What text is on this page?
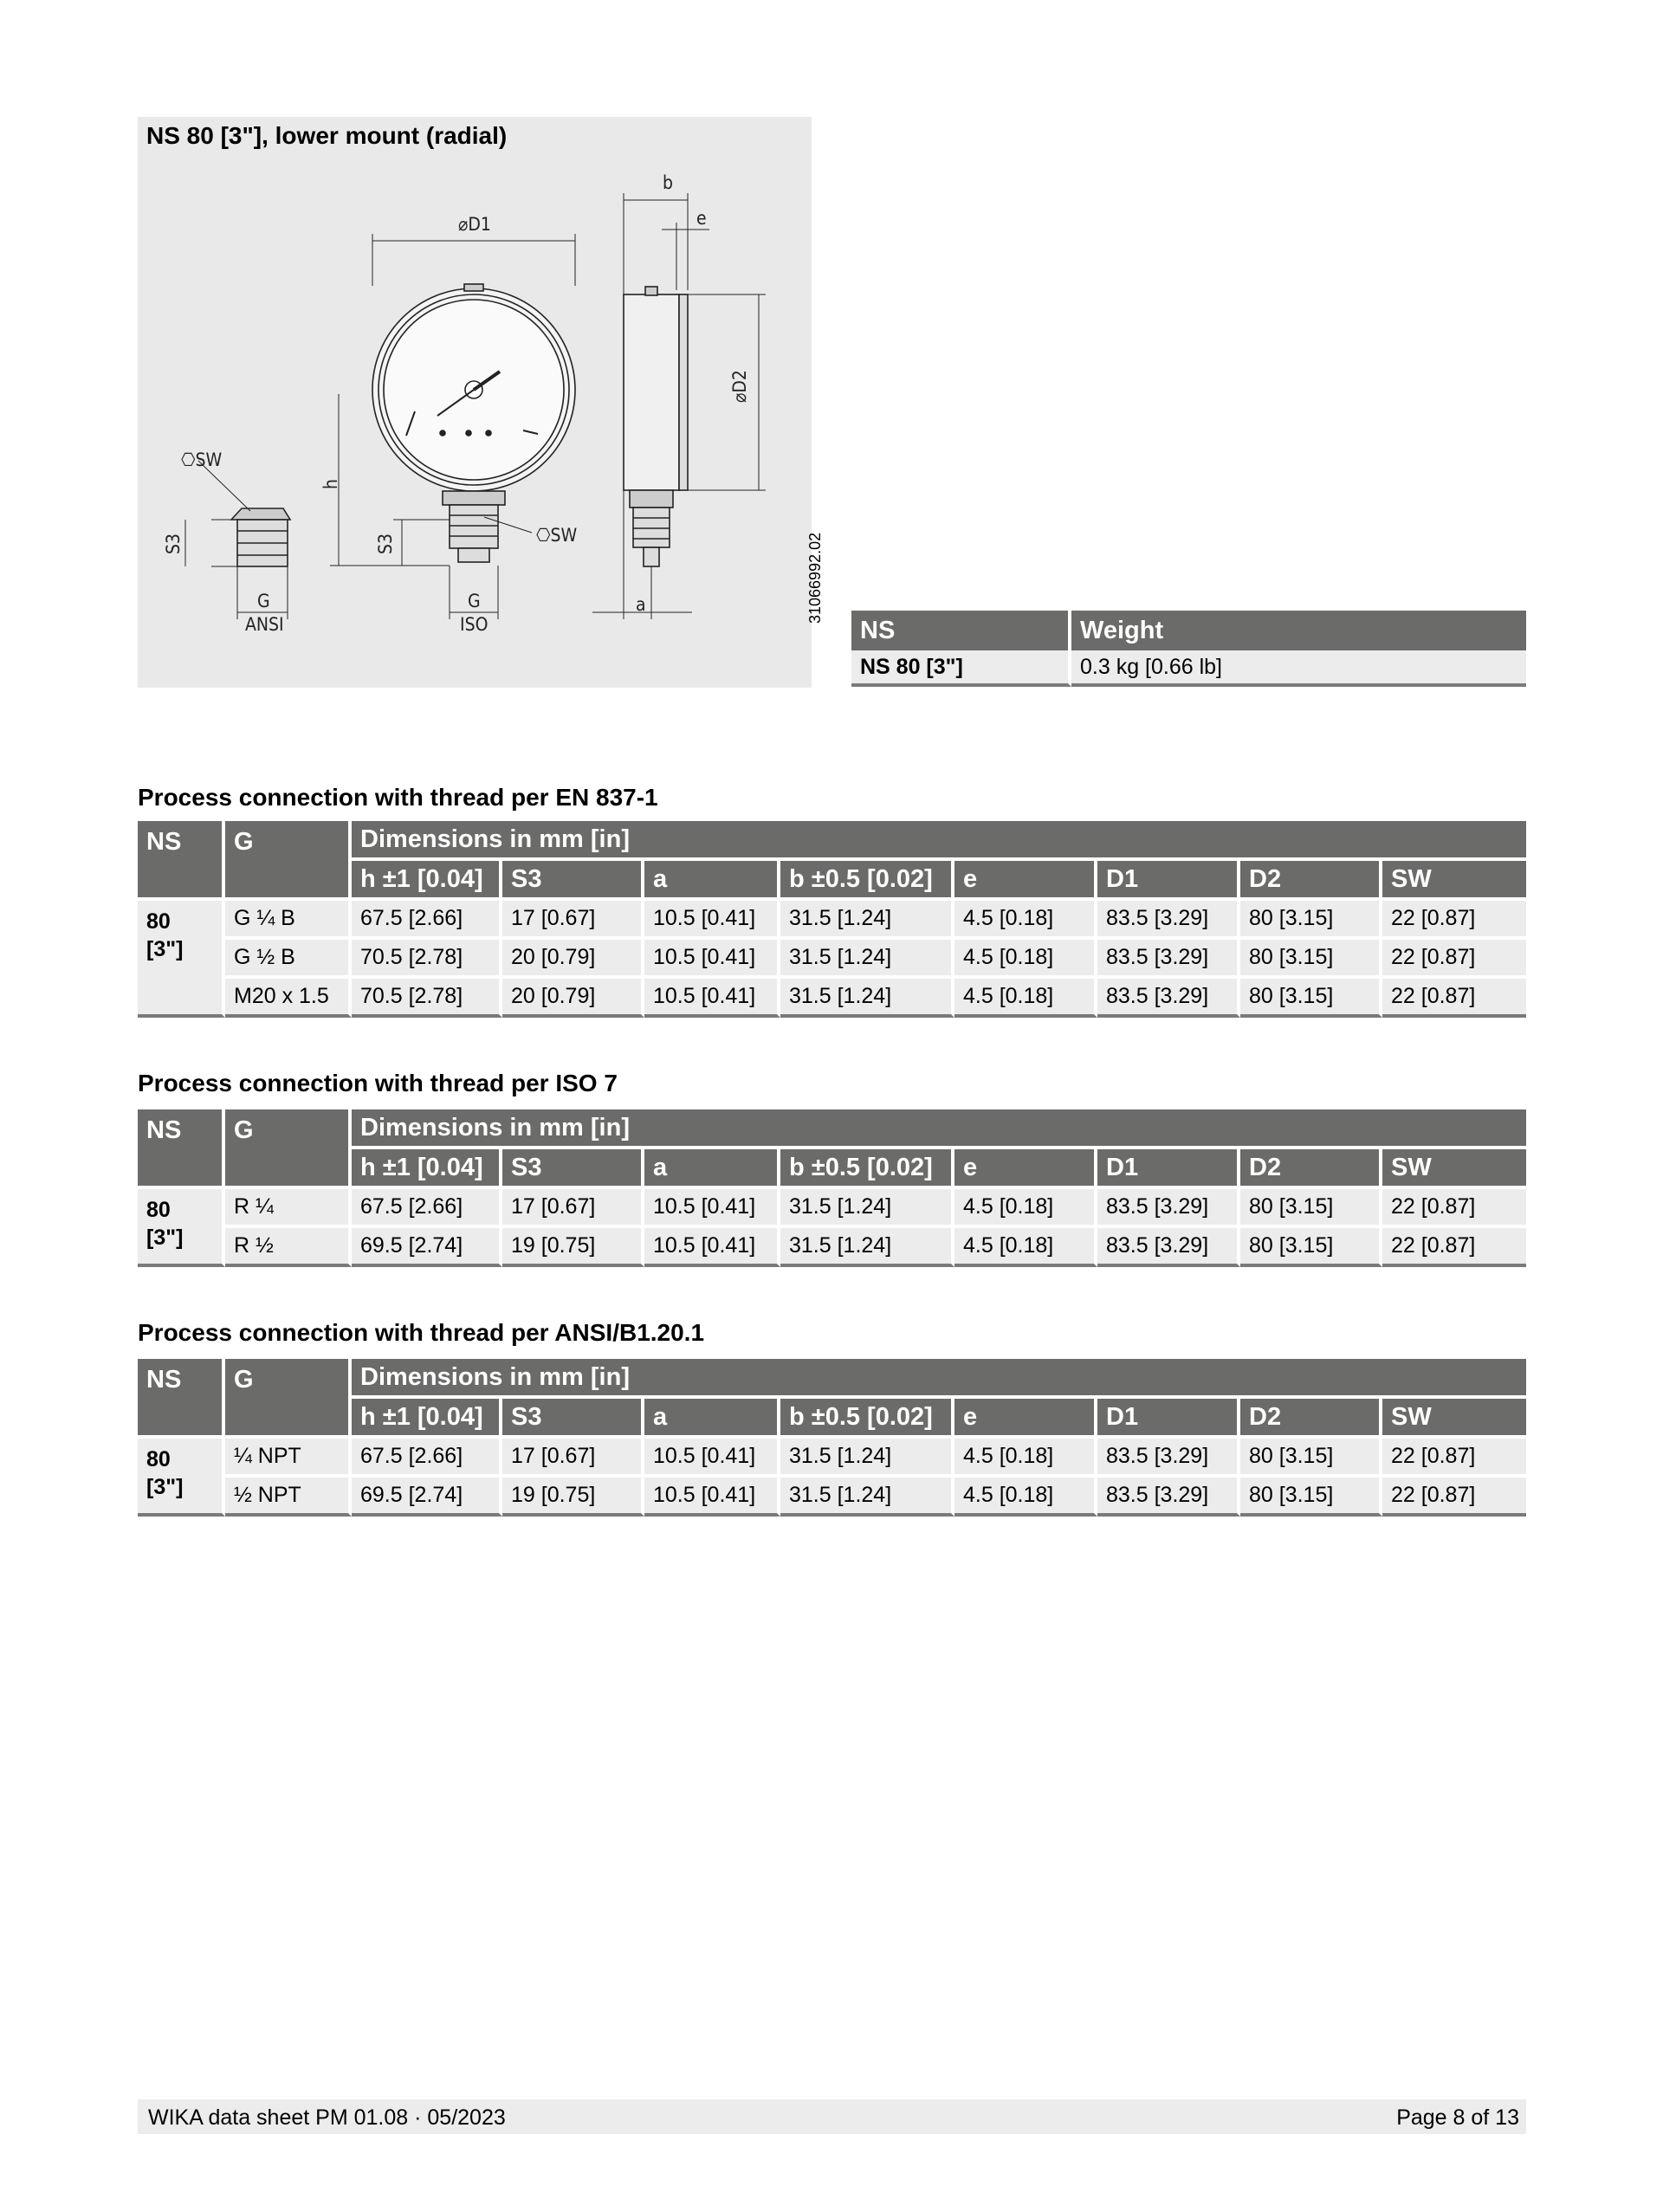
NS 80 [3"], lower mount (radial)
⌀D1
b
e
⌀D2
h
a
S3	S3
⎔SW
⎔SW
G
ANSI
G
ISO
31066992.02
NS	Weight
NS 80 [3"]	0.3 kg [0.66 lb]
Process connection with thread per EN 837-1
NS	G	Dimensions in mm [in]							
		h ±1 [0.04]	S3	a	b ±0.5 [0.02]	e	D1	D2	SW
80 [3"]	G ¼ B	67.5 [2.66]	17 [0.67]	10.5 [0.41]	31.5 [1.24]	4.5 [0.18]	83.5 [3.29]	80 [3.15]	22 [0.87]
	G ½ B	70.5 [2.78]	20 [0.79]	10.5 [0.41]	31.5 [1.24]	4.5 [0.18]	83.5 [3.29]	80 [3.15]	22 [0.87]
	M20 x 1.5	70.5 [2.78]	20 [0.79]	10.5 [0.41]	31.5 [1.24]	4.5 [0.18]	83.5 [3.29]	80 [3.15]	22 [0.87]
Process connection with thread per ISO 7
NS	G	Dimensions in mm [in]							
		h ±1 [0.04]	S3	a	b ±0.5 [0.02]	e	D1	D2	SW
80 [3"]	R ¼	67.5 [2.66]	17 [0.67]	10.5 [0.41]	31.5 [1.24]	4.5 [0.18]	83.5 [3.29]	80 [3.15]	22 [0.87]
	R ½	69.5 [2.74]	19 [0.75]	10.5 [0.41]	31.5 [1.24]	4.5 [0.18]	83.5 [3.29]	80 [3.15]	22 [0.87]
Process connection with thread per ANSI/B1.20.1
NS	G	Dimensions in mm [in]							
		h ±1 [0.04]	S3	a	b ±0.5 [0.02]	e	D1	D2	SW
80 [3"]	¼ NPT	67.5 [2.66]	17 [0.67]	10.5 [0.41]	31.5 [1.24]	4.5 [0.18]	83.5 [3.29]	80 [3.15]	22 [0.87]
	½ NPT	69.5 [2.74]	19 [0.75]	10.5 [0.41]	31.5 [1.24]	4.5 [0.18]	83.5 [3.29]	80 [3.15]	22 [0.87]
WIKA data sheet PM 01.08 · 05/2023	Page 8 of 13
